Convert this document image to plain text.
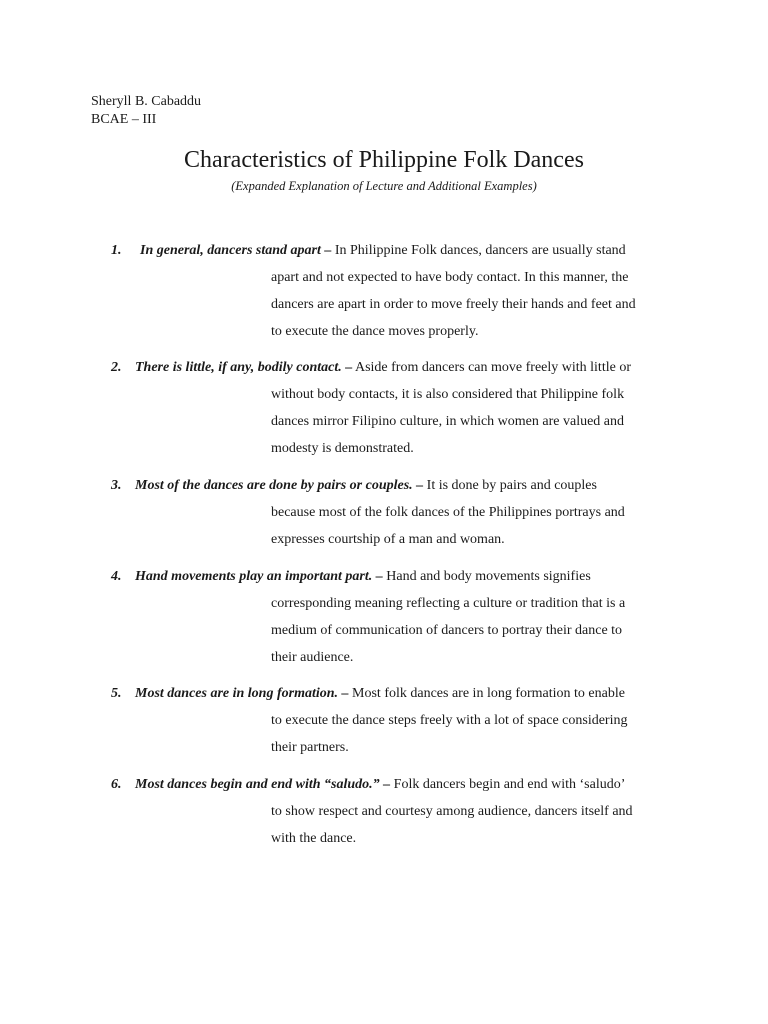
Sheryll B. Cabaddu
BCAE – III
Characteristics of Philippine Folk Dances
(Expanded Explanation of Lecture and Additional Examples)
1. In general, dancers stand apart – In Philippine Folk dances, dancers are usually stand
apart and not expected to have body contact. In this manner, the
dancers are apart in order to move freely their hands and feet and
to execute the dance moves properly.
2. There is little, if any, bodily contact. – Aside from dancers can move freely with little or
without body contacts, it is also considered that Philippine folk
dances mirror Filipino culture, in which women are valued and
modesty is demonstrated.
3. Most of the dances are done by pairs or couples. – It is done by pairs and couples
because most of the folk dances of the Philippines portrays and
expresses courtship of a man and woman.
4. Hand movements play an important part. – Hand and body movements signifies
corresponding meaning reflecting a culture or tradition that is a
medium of communication of dancers to portray their dance to
their audience.
5. Most dances are in long formation. – Most folk dances are in long formation to enable
to execute the dance steps freely with a lot of space considering
their partners.
6. Most dances begin and end with “saludo.” – Folk dancers begin and end with ‘saludo’
to show respect and courtesy among audience, dancers itself and
with the dance.
